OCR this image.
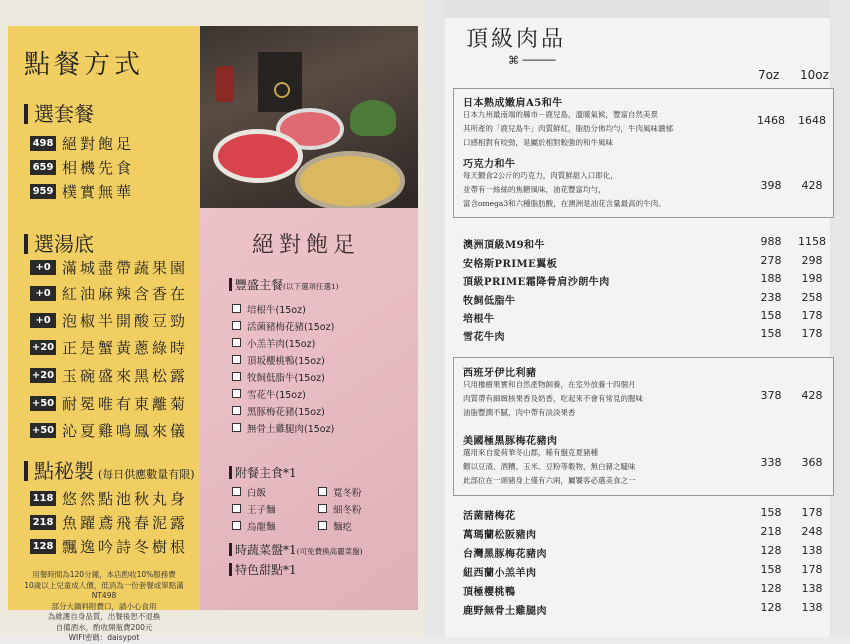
點餐方式
選套餐
498 絕對飽足
659 相機先食
959 樸實無華
選湯底
+0 滿城盡帶蔬果園
+0 紅油麻辣含香在
+0 泡椒半開酸豆勁
+20 正是蟹黃蔥綠時
+20 玉碗盛來黑松露
+50 耐冕唯有東離菊
+50 沁夏雞鳴鳳來儀
點秘製 (每日供應數量有限)
118 悠然點池秋丸身
218 魚躍鳶飛春泥露
128 飄逸吟詩冬樹根
用餐時間為120分鐘，本店酌收10%服務費
10歲以上兒童成人價，低消為一份套餐或單點滿 NT498
部分大鍋料附費口，請小心食用
為維護自身品質，出餐後恕不退換
自備酒水，酌收開瓶費200元
WIFI密碼：daisypot
絕對飽足
豐盛主餐(以下選項任選1)
培根牛(15oz)
活菌豬梅花豬(15oz)
小羔羊肉(15oz)
頂坂櫻桃鴨(15oz)
牧飼低脂牛(15oz)
雪花牛(15oz)
黑豚梅花豬(15oz)
無骨土雞腿肉(15oz)
附餐主食*1
白飯
王子麵
烏龍麵
寬冬粉
細冬粉
麵疙
時蔬菜盤*1(可免費換高麗菜盤)
特色甜點*1
頂級肉品
⌘ ─────
7oz 10oz
日本熟成嫩肩A5和牛
日本九州最南端的縣市－鹿兒島，溫暖氣候，豐富自然美景
其所產的「鹿兒島牛」肉質鮮紅，脂肪分佈均勻，牛肉風味濃郁
口感相對有咬勁，是屬於相對較強的和牛風味
1468	1648
巧克力和牛
每天餵食2公斤的巧克力，肉質鮮甜入口即化，
並帶有一絲絲的焦糖風味，油花豐富均勻，
富含omega3和六種脂肪酸，在澳洲是油花含量最高的牛肉。
398	428
澳洲頂級M9和牛	988	1158
安格斯PRIME翼板	278	298
頂級PRIME霜降骨肩沙朗牛肉	188	198
牧飼低脂牛	238	258
培根牛	158	178
雪花牛肉	158	178
西班牙伊比利豬
只用橡樹果實和自然產物飼養，在室外放養十四個月
肉質帶有細緻核果香及奶香，吃起來不會有常見的腥味
油脂豐潤不膩，肉中帶有淡淡果香
378	428
美國極黑豚梅花豬肉
選用來自愛荷華冬山郡，稀有盤克夏豬種
餵以豆渣、酒糟、玉米、豆粉等穀物，無白豬之騷味
此部位在一頭豬身上僅有六兩，屬饕客必選美食之一
338	368
活菌豬梅花	158	178
萬瑪蘭松阪豬肉	218	248
台灣黑豚梅花豬肉	128	138
紐西蘭小羔羊肉	158	178
頂極櫻桃鴨	128	138
鹿野無骨土雞腿肉	128	138
